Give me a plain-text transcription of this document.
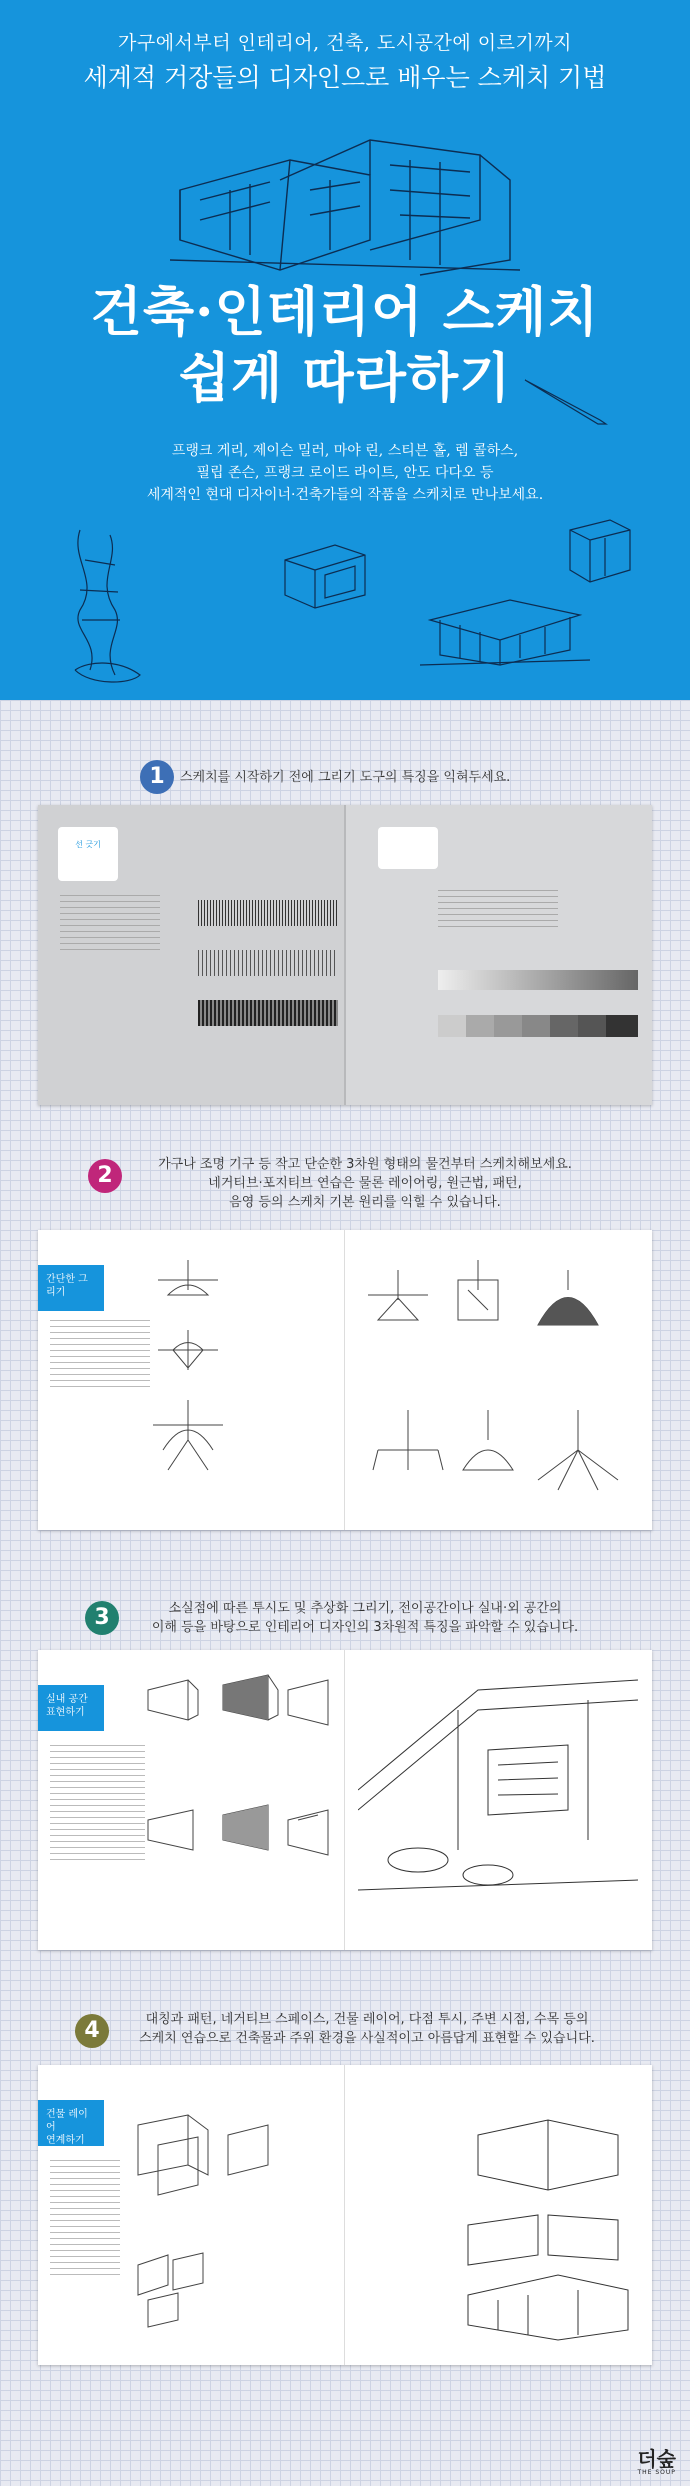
가구에서부터 인테리어, 건축, 도시공간에 이르기까지
세계적 거장들의 디자인으로 배우는 스케치 기법
건축·인테리어 스케치
쉽게 따라하기
프랭크 게리, 제이슨 밀러, 마야 린, 스티븐 홀, 렘 콜하스,
필립 존슨, 프랭크 로이드 라이트, 안도 다다오 등
세계적인 현대 디자이너·건축가들의 작품을 스케치로 만나보세요.
1	스케치를 시작하기 전에 그리기 도구의 특징을 익혀두세요.
선 긋기
2	가구나 조명 기구 등 작고 단순한 3차원 형태의 물건부터 스케치해보세요.
네거티브·포지티브 연습은 물론 레이어링, 원근법, 패턴,
음영 등의 스케치 기본 원리를 익힐 수 있습니다.
간단한 그리기
3	소실점에 따른 투시도 및 추상화 그리기, 전이공간이나 실내·외 공간의
이해 등을 바탕으로 인테리어 디자인의 3차원적 특징을 파악할 수 있습니다.
실내 공간
표현하기
4	대칭과 패턴, 네거티브 스페이스, 건물 레이어, 다점 투시, 주변 시점, 수목 등의
스케치 연습으로 건축물과 주위 환경을 사실적이고 아름답게 표현할 수 있습니다.
건물 레이어
연계하기
더숲
THE SOUP
